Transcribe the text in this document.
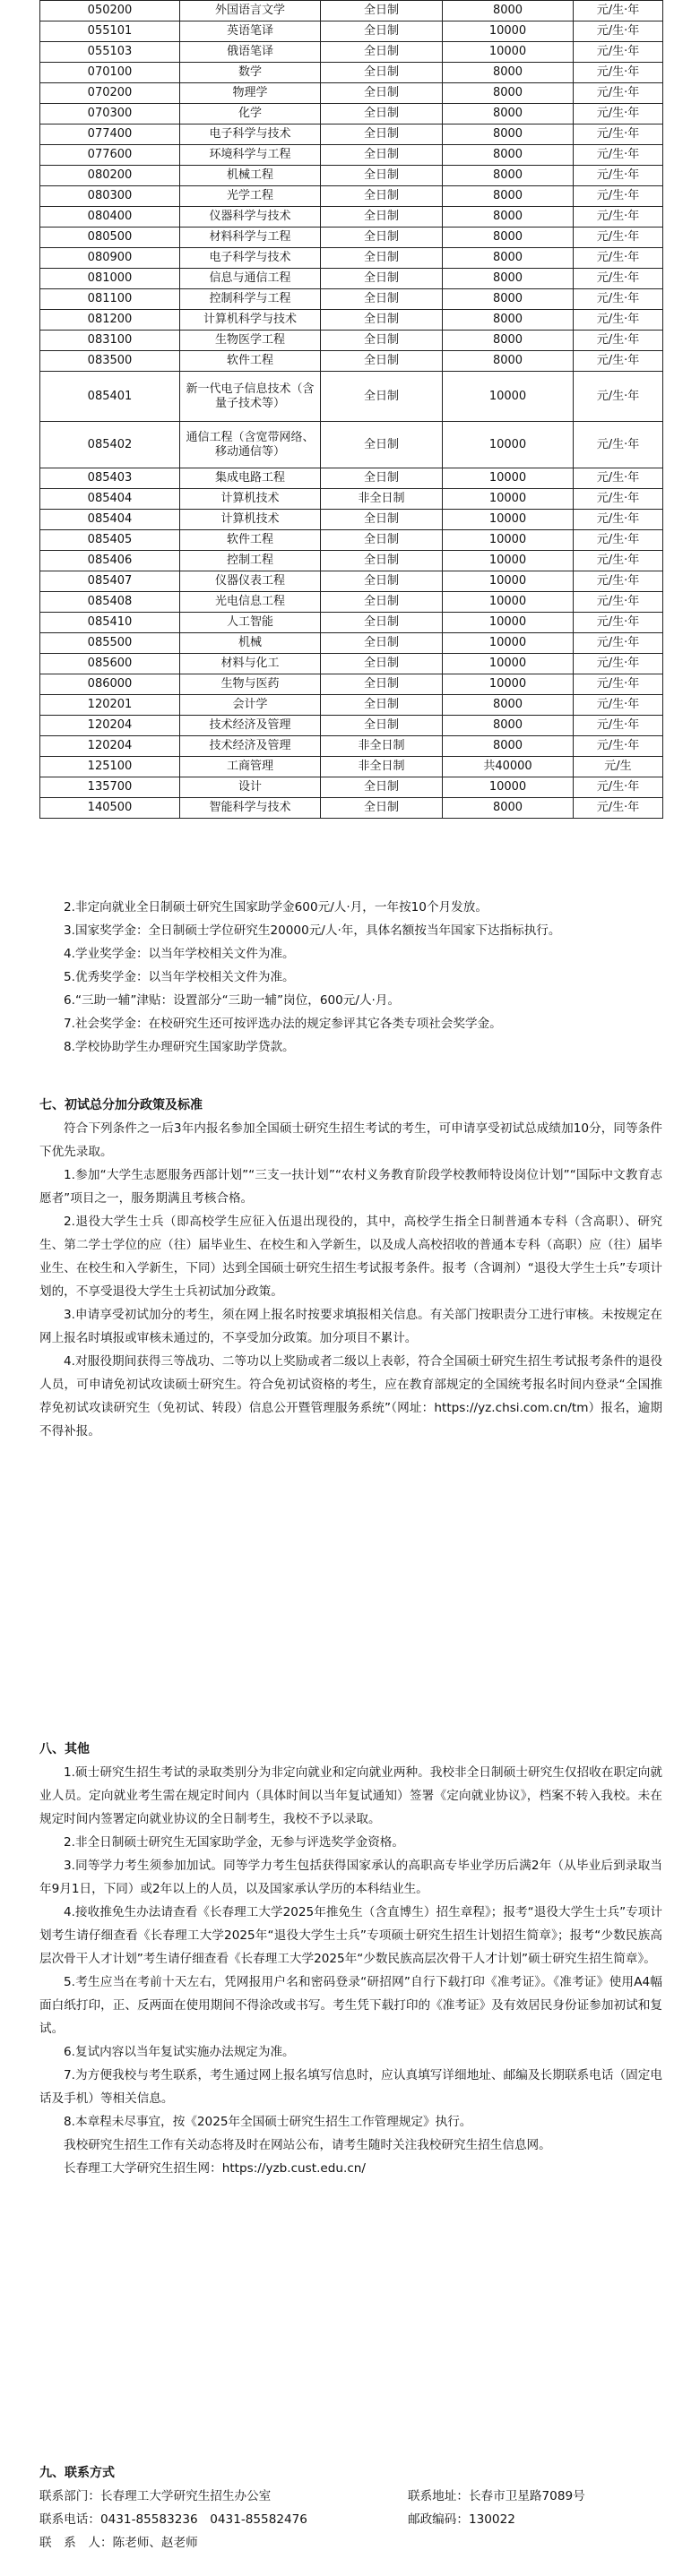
050200	外国语言文学	全日制	8000	元/生·年
055101	英语笔译	全日制	10000	元/生·年
055103	俄语笔译	全日制	10000	元/生·年
070100	数学	全日制	8000	元/生·年
070200	物理学	全日制	8000	元/生·年
070300	化学	全日制	8000	元/生·年
077400	电子科学与技术	全日制	8000	元/生·年
077600	环境科学与工程	全日制	8000	元/生·年
080200	机械工程	全日制	8000	元/生·年
080300	光学工程	全日制	8000	元/生·年
080400	仪器科学与技术	全日制	8000	元/生·年
080500	材料科学与工程	全日制	8000	元/生·年
080900	电子科学与技术	全日制	8000	元/生·年
081000	信息与通信工程	全日制	8000	元/生·年
081100	控制科学与工程	全日制	8000	元/生·年
081200	计算机科学与技术	全日制	8000	元/生·年
083100	生物医学工程	全日制	8000	元/生·年
083500	软件工程	全日制	8000	元/生·年
085401	新一代电子信息技术（含量子技术等）	全日制	10000	元/生·年
085402	通信工程（含宽带网络、移动通信等）	全日制	10000	元/生·年
085403	集成电路工程	全日制	10000	元/生·年
085404	计算机技术	非全日制	10000	元/生·年
085404	计算机技术	全日制	10000	元/生·年
085405	软件工程	全日制	10000	元/生·年
085406	控制工程	全日制	10000	元/生·年
085407	仪器仪表工程	全日制	10000	元/生·年
085408	光电信息工程	全日制	10000	元/生·年
085410	人工智能	全日制	10000	元/生·年
085500	机械	全日制	10000	元/生·年
085600	材料与化工	全日制	10000	元/生·年
086000	生物与医药	全日制	10000	元/生·年
120201	会计学	全日制	8000	元/生·年
120204	技术经济及管理	全日制	8000	元/生·年
120204	技术经济及管理	非全日制	8000	元/生·年
125100	工商管理	非全日制	共40000	元/生
135700	设计	全日制	10000	元/生·年
140500	智能科学与技术	全日制	8000	元/生·年
2.非定向就业全日制硕士研究生国家助学金600元/人·月，一年按10个月发放。
3.国家奖学金：全日制硕士学位研究生20000元/人·年，具体名额按当年国家下达指标执行。
4.学业奖学金：以当年学校相关文件为准。
5.优秀奖学金：以当年学校相关文件为准。
6.“三助一辅”津贴：设置部分“三助一辅”岗位，600元/人·月。
7.社会奖学金：在校研究生还可按评选办法的规定参评其它各类专项社会奖学金。
8.学校协助学生办理研究生国家助学贷款。
七、初试总分加分政策及标准
符合下列条件之一后3年内报名参加全国硕士研究生招生考试的考生，可申请享受初试总成绩加10分，同等条件下优先录取。
1.参加“大学生志愿服务西部计划”“三支一扶计划”“农村义务教育阶段学校教师特设岗位计划”“国际中文教育志愿者”项目之一，服务期满且考核合格。
2.退役大学生士兵（即高校学生应征入伍退出现役的，其中，高校学生指全日制普通本专科（含高职）、研究生、第二学士学位的应（往）届毕业生、在校生和入学新生，以及成人高校招收的普通本专科（高职）应（往）届毕业生、在校生和入学新生，下同）达到全国硕士研究生招生考试报考条件。报考（含调剂）“退役大学生士兵”专项计划的，不享受退役大学生士兵初试加分政策。
3.申请享受初试加分的考生，须在网上报名时按要求填报相关信息。有关部门按职责分工进行审核。未按规定在网上报名时填报或审核未通过的，不享受加分政策。加分项目不累计。
4.对服役期间获得三等战功、二等功以上奖励或者二级以上表彰，符合全国硕士研究生招生考试报考条件的退役人员，可申请免初试攻读硕士研究生。符合免初试资格的考生，应在教育部规定的全国统考报名时间内登录“全国推荐免初试攻读研究生（免初试、转段）信息公开暨管理服务系统”（网址：https://yz.chsi.com.cn/tm）报名，逾期不得补报。
八、其他
1.硕士研究生招生考试的录取类别分为非定向就业和定向就业两种。我校非全日制硕士研究生仅招收在职定向就业人员。定向就业考生需在规定时间内（具体时间以当年复试通知）签署《定向就业协议》，档案不转入我校。未在规定时间内签署定向就业协议的全日制考生，我校不予以录取。
2.非全日制硕士研究生无国家助学金，无参与评选奖学金资格。
3.同等学力考生须参加加试。同等学力考生包括获得国家承认的高职高专毕业学历后满2年（从毕业后到录取当年9月1日，下同）或2年以上的人员，以及国家承认学历的本科结业生。
4.接收推免生办法请查看《长春理工大学2025年推免生（含直博生）招生章程》；报考“退役大学生士兵”专项计划考生请仔细查看《长春理工大学2025年“退役大学生士兵”专项硕士研究生招生计划招生简章》；报考“少数民族高层次骨干人才计划”考生请仔细查看《长春理工大学2025年“少数民族高层次骨干人才计划”硕士研究生招生简章》。
5.考生应当在考前十天左右，凭网报用户名和密码登录“研招网”自行下载打印《准考证》。《准考证》使用A4幅面白纸打印，正、反两面在使用期间不得涂改或书写。考生凭下载打印的《准考证》及有效居民身份证参加初试和复试。
6.复试内容以当年复试实施办法规定为准。
7.为方便我校与考生联系，考生通过网上报名填写信息时，应认真填写详细地址、邮编及长期联系电话（固定电话及手机）等相关信息。
8.本章程未尽事宜，按《2025年全国硕士研究生招生工作管理规定》执行。
我校研究生招生工作有关动态将及时在网站公布，请考生随时关注我校研究生招生信息网。
长春理工大学研究生招生网：https://yzb.cust.edu.cn/
九、联系方式
联系部门：长春理工大学研究生招生办公室	联系地址：长春市卫星路7089号
联系电话：0431-85583236　0431-85582476	邮政编码：130022
联　系　人：陈老师、赵老师
